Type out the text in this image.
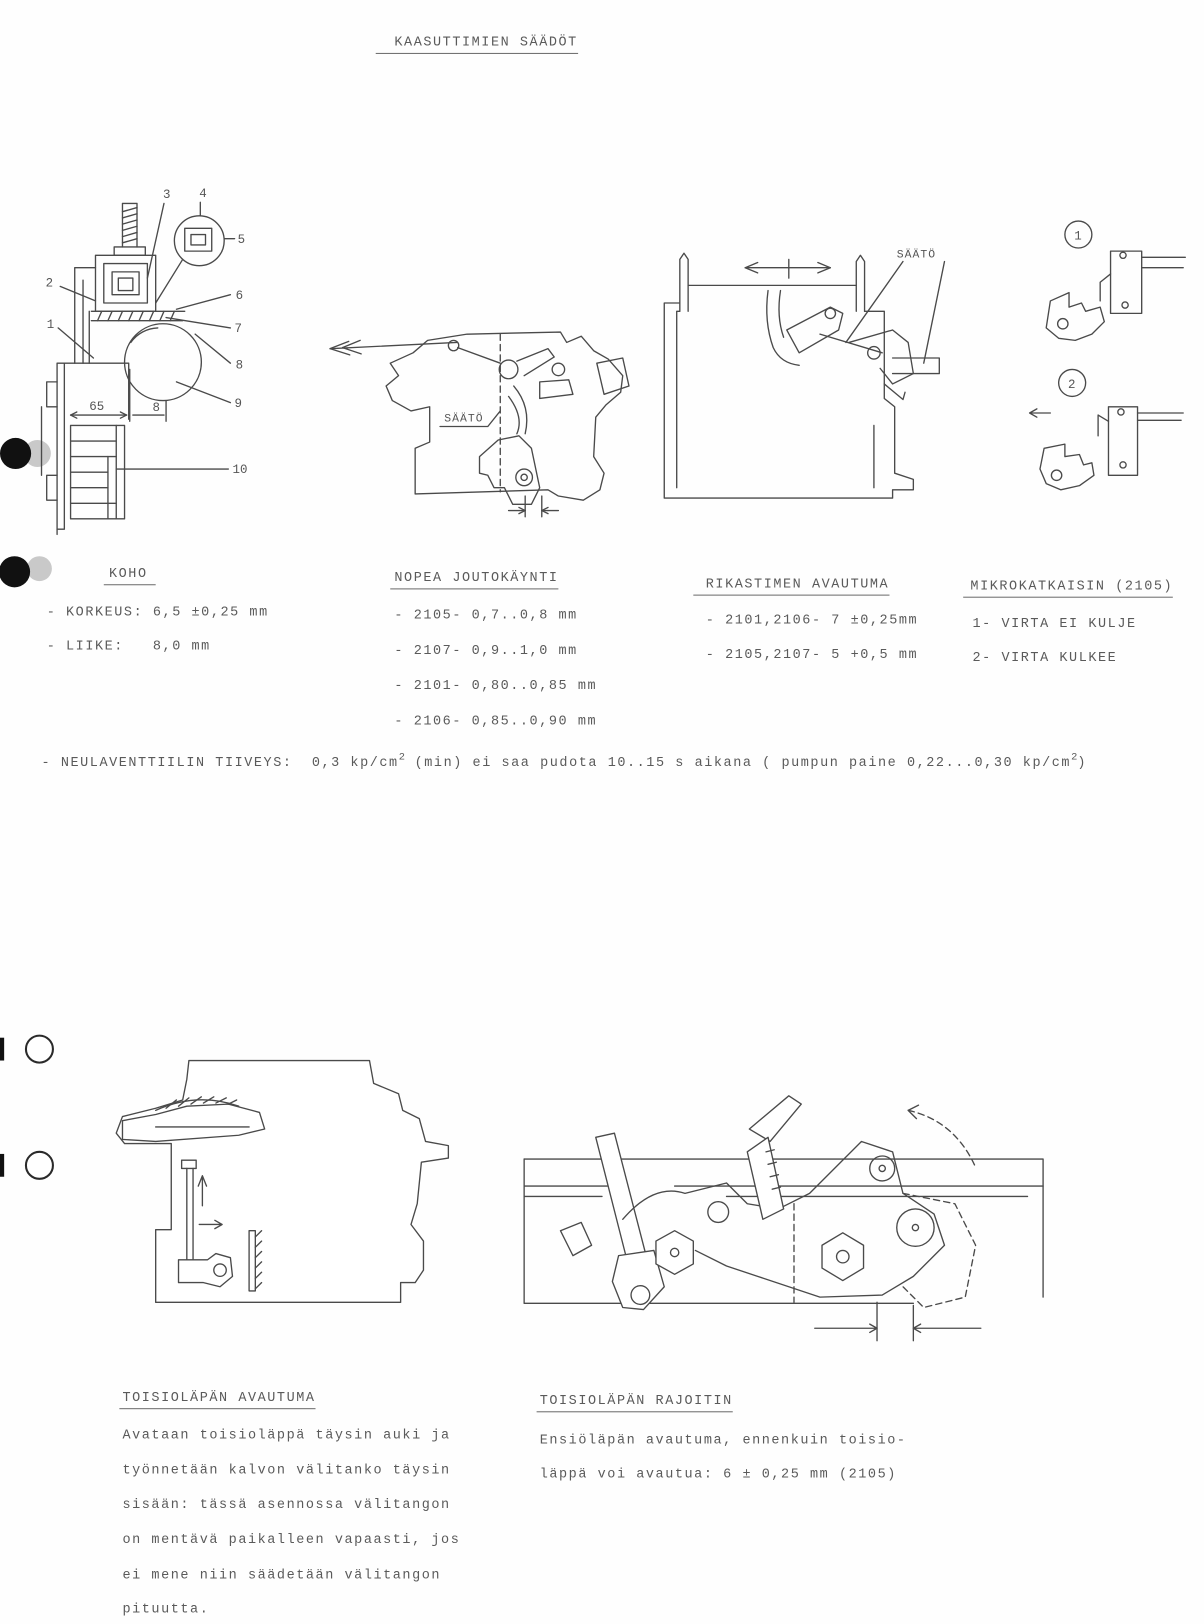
1
2
3 4
5
6
7
8
9
10
65	8
SÄÄTÖ
SÄÄTÖ
1
2
KAASUTTIMIEN SÄÄDÖT
KOHO
- KORKEUS: 6,5 ±0,25 mm
- LIIKE:   8,0 mm
NOPEA JOUTOKÄYNTI
- 2105- 0,7..0,8 mm
- 2107- 0,9..1,0 mm
- 2101- 0,80..0,85 mm
- 2106- 0,85..0,90 mm
RIKASTIMEN AVAUTUMA
- 2101,2106- 7 ±0,25mm
- 2105,2107- 5 +0,5 mm
MIKROKATKAISIN (2105)
1- VIRTA EI KULJE
2- VIRTA KULKEE
- NEULAVENTTIILIN TIIVEYS:  0,3 $kp/cm^2$ (min) ei saa pudota 10..15 s aikana ( pumpun paine 0,22...0,30 $kp/cm^2$)
TOISIOLÄPÄN AVAUTUMA
Avataan toisioläppä täysin auki ja
työnnetään kalvon välitanko täysin
sisään: tässä asennossa välitangon
on mentävä paikalleen vapaasti, jos
ei mene niin säädetään välitangon
pituutta.
TOISIOLÄPÄN RAJOITIN
Ensiöläpän avautuma, ennenkuin toisio-
läppä voi avautua: 6 ± 0,25 mm (2105)
